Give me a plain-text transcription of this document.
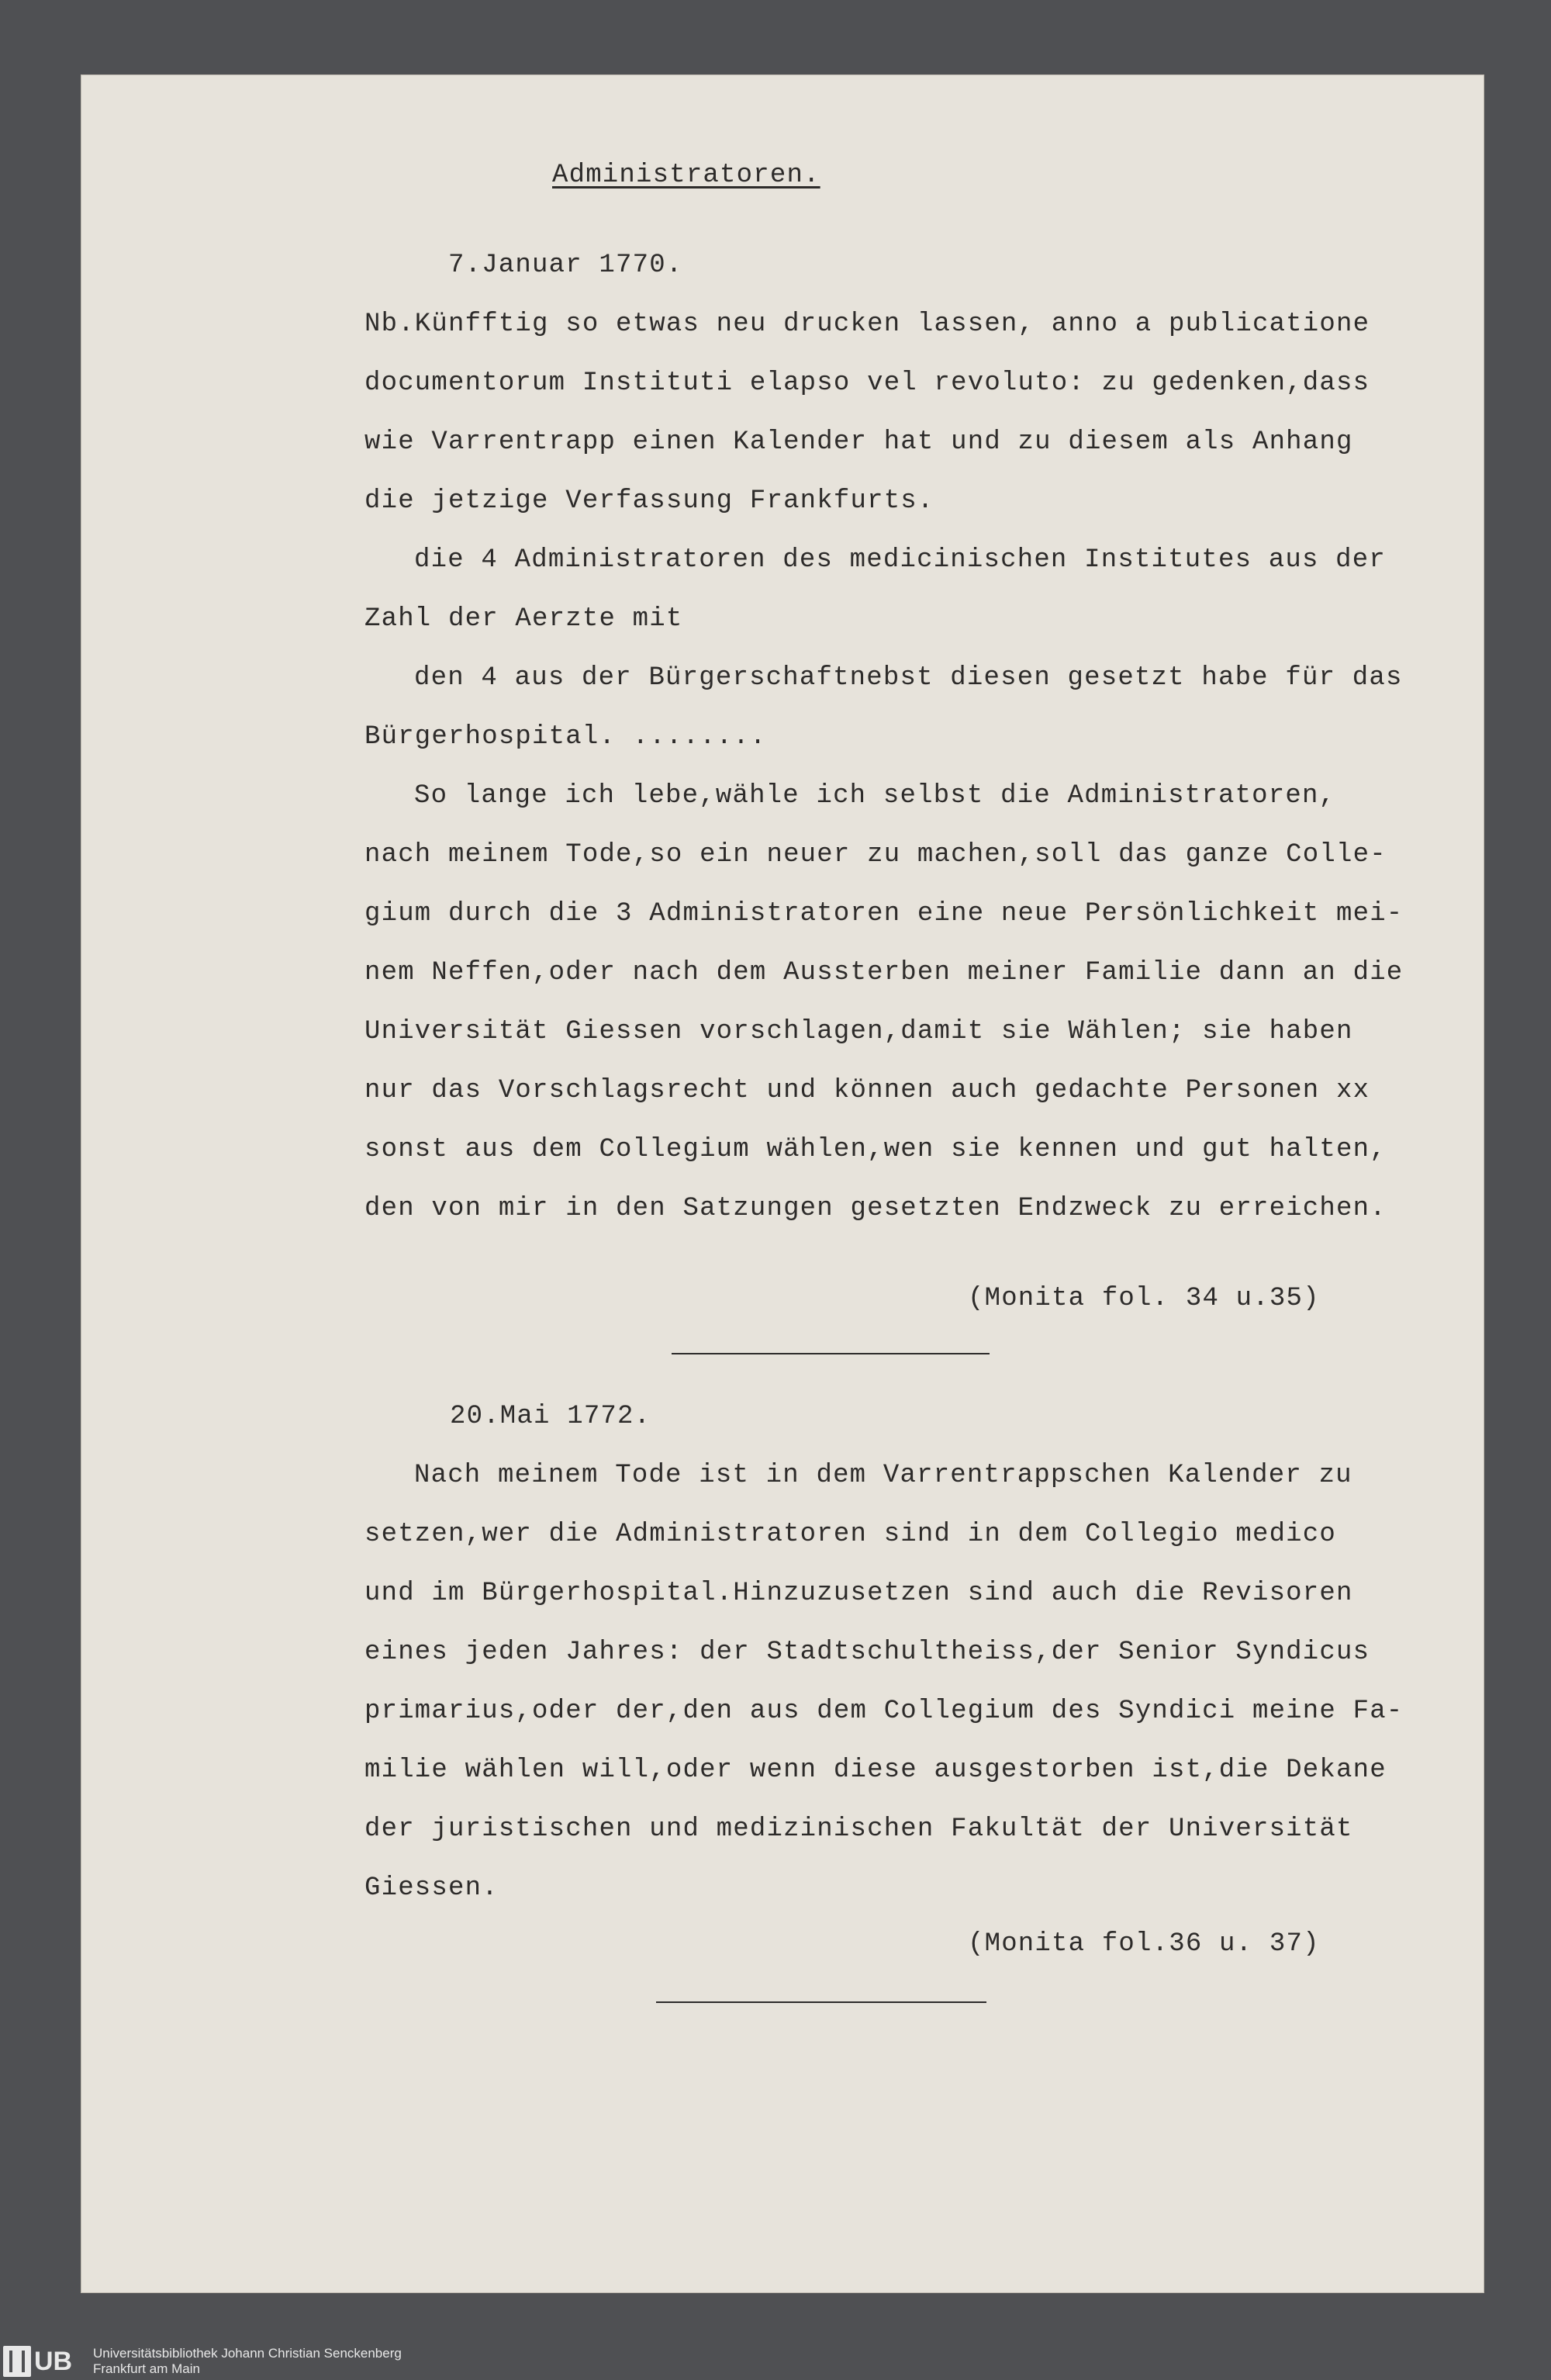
Administratoren.
7.Januar 1770.
Nb.Künfftig so etwas neu drucken lassen, anno a publicatione
documentorum Instituti elapso vel revoluto: zu gedenken,dass
wie Varrentrapp einen Kalender hat und zu diesem als Anhang
die jetzige Verfassung Frankfurts.
die 4 Administratoren des medicinischen Institutes aus der
Zahl der Aerzte mit
den 4 aus der Bürgerschaftnebst diesen gesetzt habe für das
Bürgerhospital. ........
So lange ich lebe,wähle ich selbst die Administratoren,
nach meinem Tode,so ein neuer zu machen,soll das ganze Colle-
gium durch die 3 Administratoren eine neue Persönlichkeit mei-
nem Neffen,oder nach dem Aussterben meiner Familie dann an die
Universität Giessen vorschlagen,damit sie Wählen; sie haben
nur das Vorschlagsrecht und können auch gedachte Personen xx
sonst aus dem Collegium wählen,wen sie kennen und gut halten,
den von mir in den Satzungen gesetzten Endzweck zu erreichen.
(Monita fol. 34 u.35)
20.Mai 1772.
Nach meinem Tode ist in dem Varrentrappschen Kalender zu
setzen,wer die Administratoren sind in dem Collegio medico
und im Bürgerhospital.Hinzuzusetzen sind auch die Revisoren
eines jeden Jahres: der Stadtschultheiss,der Senior Syndicus
primarius,oder der,den aus dem Collegium des Syndici meine Fa-
milie wählen will,oder wenn diese ausgestorben ist,die Dekane
der juristischen und medizinischen Fakultät der Universität
Giessen.
(Monita fol.36 u. 37)
UB Universitätsbibliothek Johann Christian Senckenberg
Frankfurt am Main
